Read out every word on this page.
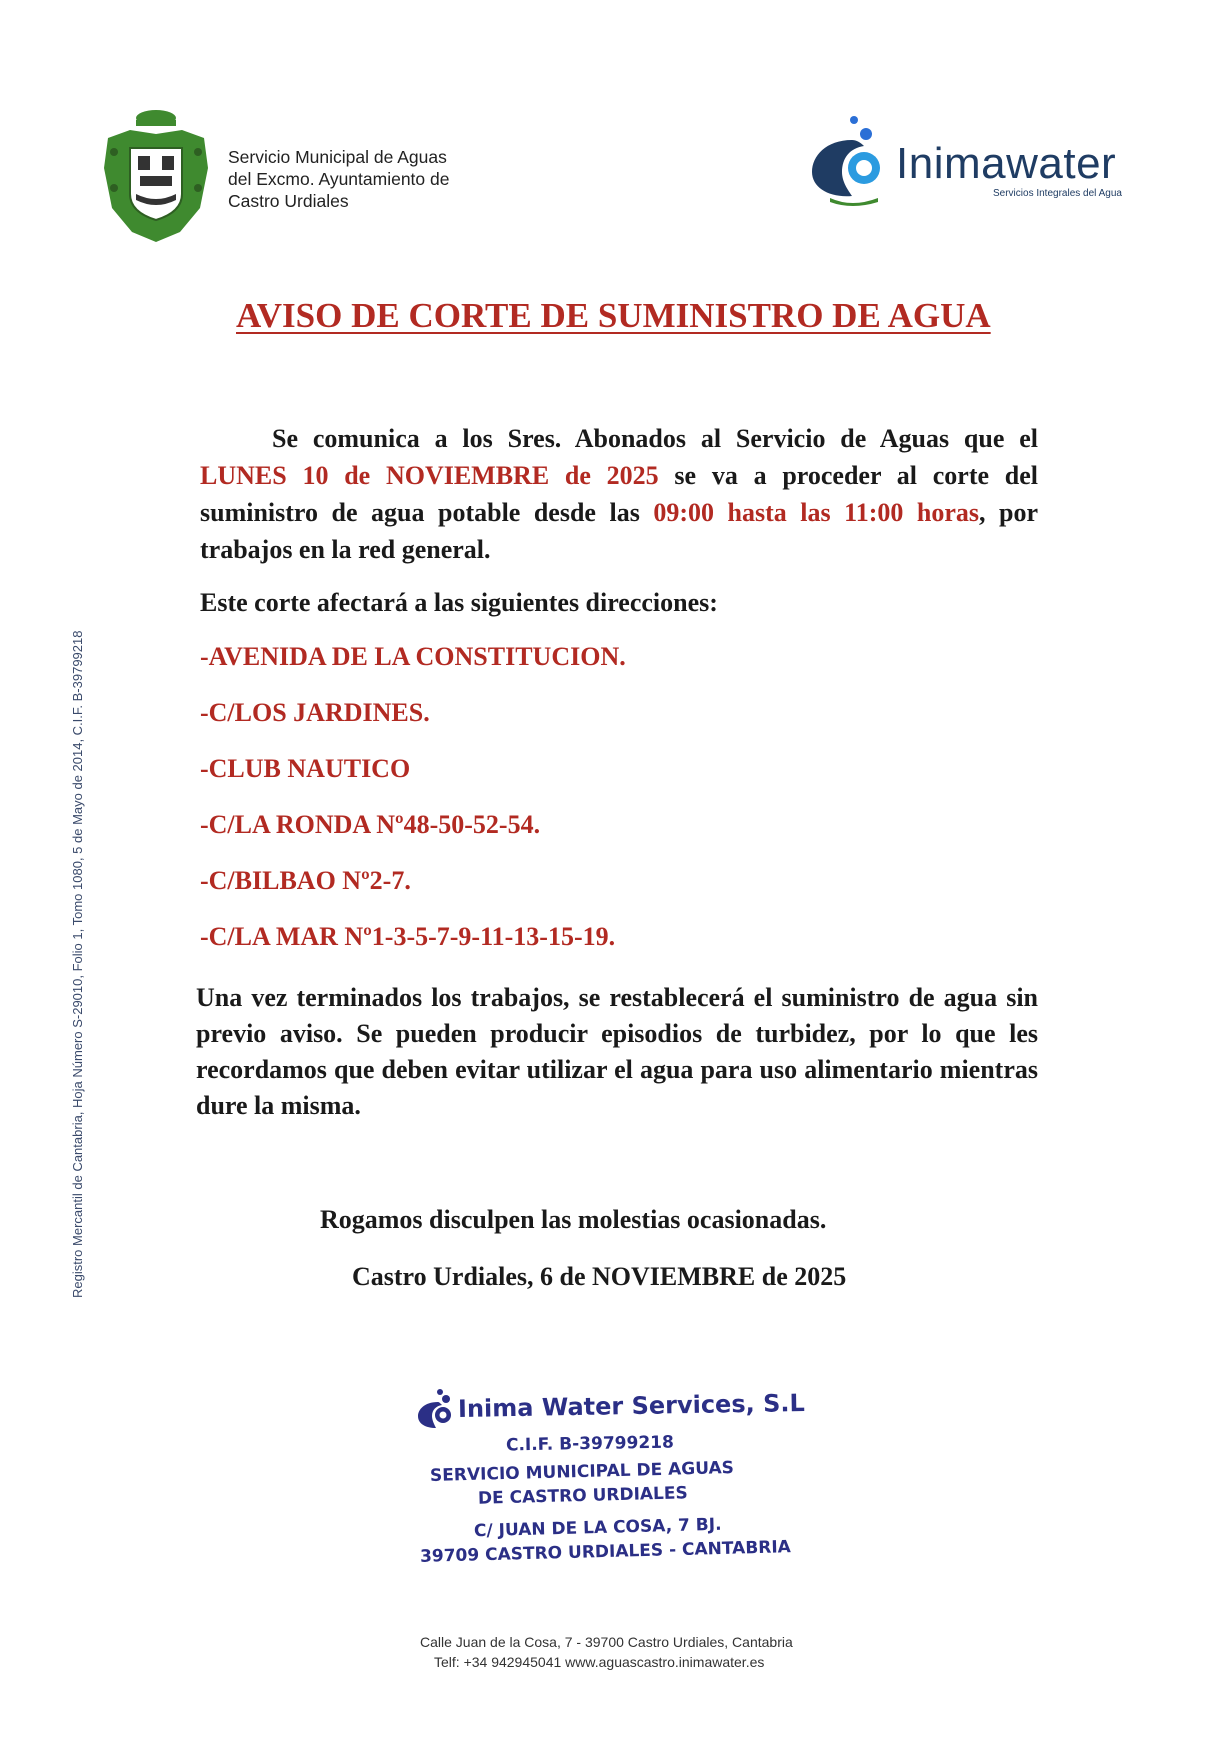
Servicio Municipal de Aguas
del Excmo. Ayuntamiento de
Castro Urdiales
Inimawater
Servicios Integrales del Agua
AVISO DE CORTE DE SUMINISTRO DE AGUA
Se comunica a los Sres. Abonados al Servicio de Aguas que el LUNES 10 de NOVIEMBRE de 2025 se va a proceder al corte del suministro de agua potable desde las 09:00 hasta las 11:00 horas, por trabajos en la red general.
Este corte afectará a las siguientes direcciones:
-AVENIDA DE LA CONSTITUCION.
-C/LOS JARDINES.
-CLUB NAUTICO
-C/LA RONDA Nº48-50-52-54.
-C/BILBAO Nº2-7.
-C/LA MAR Nº1-3-5-7-9-11-13-15-19.
Una vez terminados los trabajos, se restablecerá el suministro de agua sin previo aviso. Se pueden producir episodios de turbidez, por lo que les recordamos que deben evitar utilizar el agua para uso alimentario mientras dure la misma.
Rogamos disculpen las molestias ocasionadas.
Castro Urdiales, 6 de NOVIEMBRE de 2025
Registro Mercantil de Cantabria, Hoja Número S-29010, Folio 1, Tomo 1080, 5 de Mayo de 2014, C.I.F. B-39799218
Inima Water Services, S.L
C.I.F. B-39799218
SERVICIO MUNICIPAL DE AGUAS
DE CASTRO URDIALES
C/ JUAN DE LA COSA, 7 BJ.
39709 CASTRO URDIALES - CANTABRIA
Calle Juan de la Cosa, 7 - 39700 Castro Urdiales, Cantabria
Telf: +34 942945041 www.aguascastro.inimawater.es
